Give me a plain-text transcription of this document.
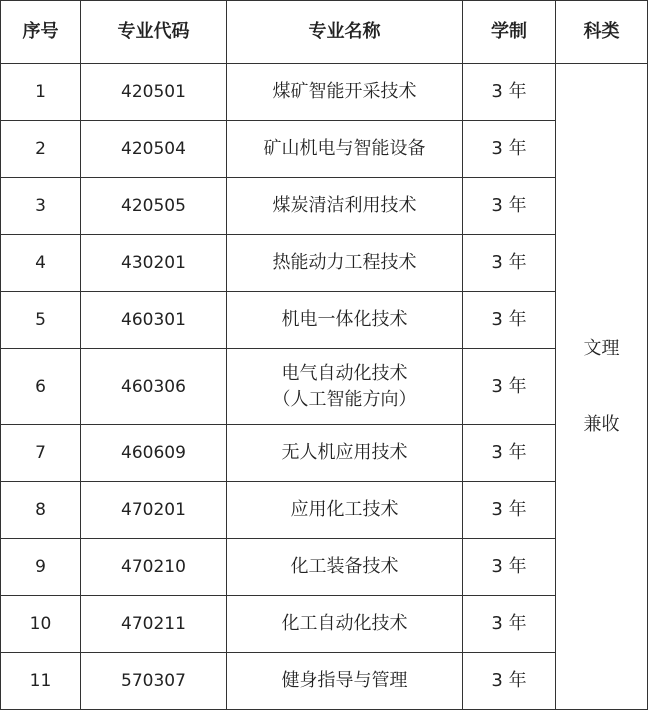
序号	专业代码	专业名称	学制	科类
1	420501	煤矿智能开采技术	3 年	文理
兼收

2	420504	矿山机电与智能设备	3 年	
3	420505	煤炭清洁利用技术	3 年	
4	430201	热能动力工程技术	3 年	
5	460301	机电一体化技术	3 年	
6	460306	电气自动化技术
（人工智能方向）	3 年	
7	460609	无人机应用技术	3 年	
8	470201	应用化工技术	3 年	
9	470210	化工装备技术	3 年	
10	470211	化工自动化技术	3 年	
11	570307	健身指导与管理	3 年	
